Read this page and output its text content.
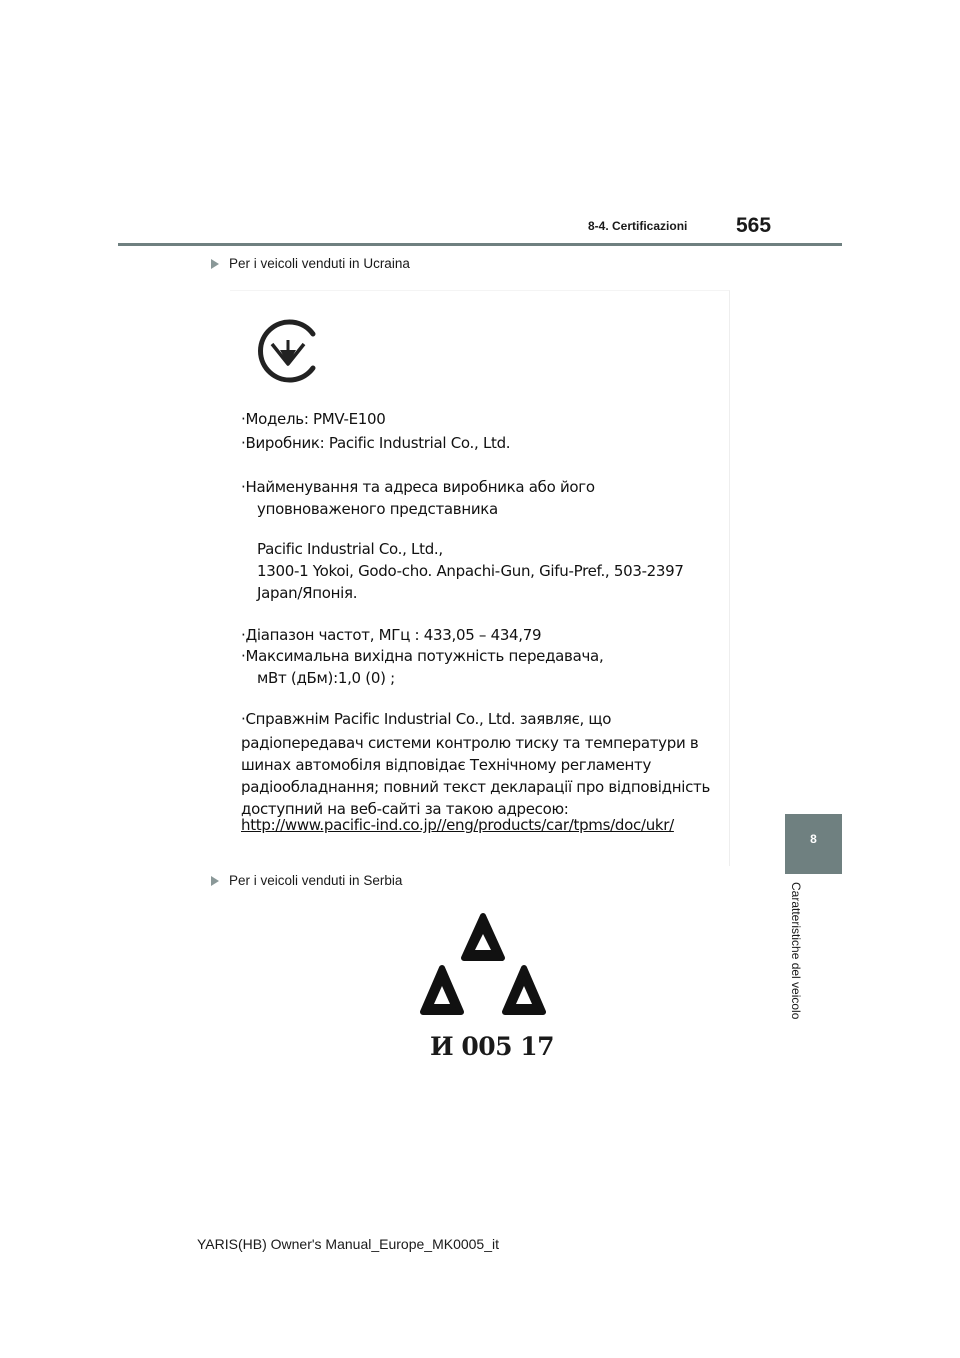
8-4. Certificazioni 565
Per i veicoli venduti in Ucraina
·Модель: PMV-E100
·Виробник: Pacific Industrial Co., Ltd.
·Найменування та адреса виробника або його
уповноваженого представника
Pacific Industrial Co., Ltd.,
1300-1 Yokoi, Godo-cho. Anpachi-Gun, Gifu-Pref., 503-2397
Japan/Японія.
·Діапазон частот, МГц : 433,05 – 434,79
·Максимальна вихідна потужність передавача,
мВт (дБм):1,0 (0) ;
·Справжнім Pacific Industrial Co., Ltd. заявляє, що
радіопередавач системи контролю тиску та температури в
шинах автомобіля відповідає Технічному регламенту
радіообладнання; повний текст декларації про відповідність
доступний на веб-сайті за такою адресою:
http://www.pacific-ind.co.jp//eng/products/car/tpms/doc/ukr/
Per i veicoli venduti in Serbia
И 005 17
8
Caratteristiche del veicolo
YARIS(HB) Owner's Manual_Europe_MK0005_it
